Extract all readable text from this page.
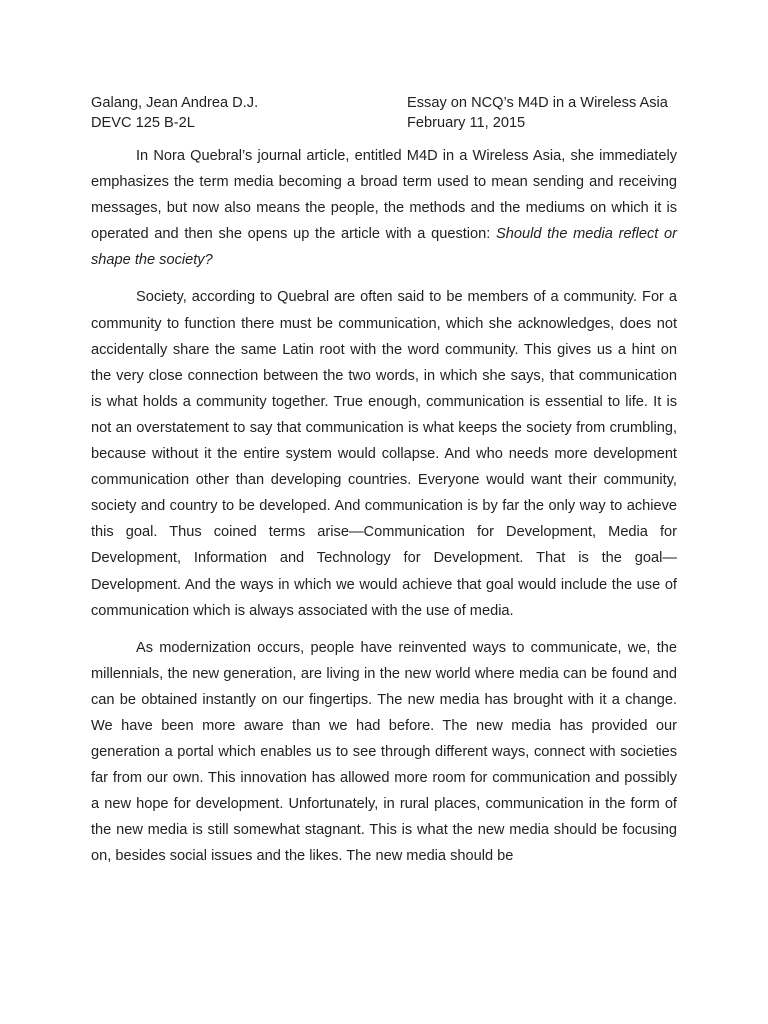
Galang, Jean Andrea D.J.
DEVC 125 B-2L
Essay on NCQ’s M4D in a Wireless Asia
February 11, 2015

In Nora Quebral’s journal article, entitled M4D in a Wireless Asia, she immediately emphasizes the term media becoming a broad term used to mean sending and receiving messages, but now also means the people, the methods and the mediums on which it is operated and then she opens up the article with a question: Should the media reflect or shape the society?

Society, according to Quebral are often said to be members of a community. For a community to function there must be communication, which she acknowledges, does not accidentally share the same Latin root with the word community. This gives us a hint on the very close connection between the two words, in which she says, that communication is what holds a community together. True enough, communication is essential to life. It is not an overstatement to say that communication is what keeps the society from crumbling, because without it the entire system would collapse. And who needs more development communication other than developing countries. Everyone would want their community, society and country to be developed. And communication is by far the only way to achieve this goal. Thus coined terms arise—Communication for Development, Media for Development, Information and Technology for Development. That is the goal—Development. And the ways in which we would achieve that goal would include the use of communication which is always associated with the use of media.

As modernization occurs, people have reinvented ways to communicate, we, the millennials, the new generation, are living in the new world where media can be found and can be obtained instantly on our fingertips. The new media has brought with it a change. We have been more aware than we had before. The new media has provided our generation a portal which enables us to see through different ways, connect with societies far from our own. This innovation has allowed more room for communication and possibly a new hope for development. Unfortunately, in rural places, communication in the form of the new media is still somewhat stagnant. This is what the new media should be focusing on, besides social issues and the likes. The new media should be
